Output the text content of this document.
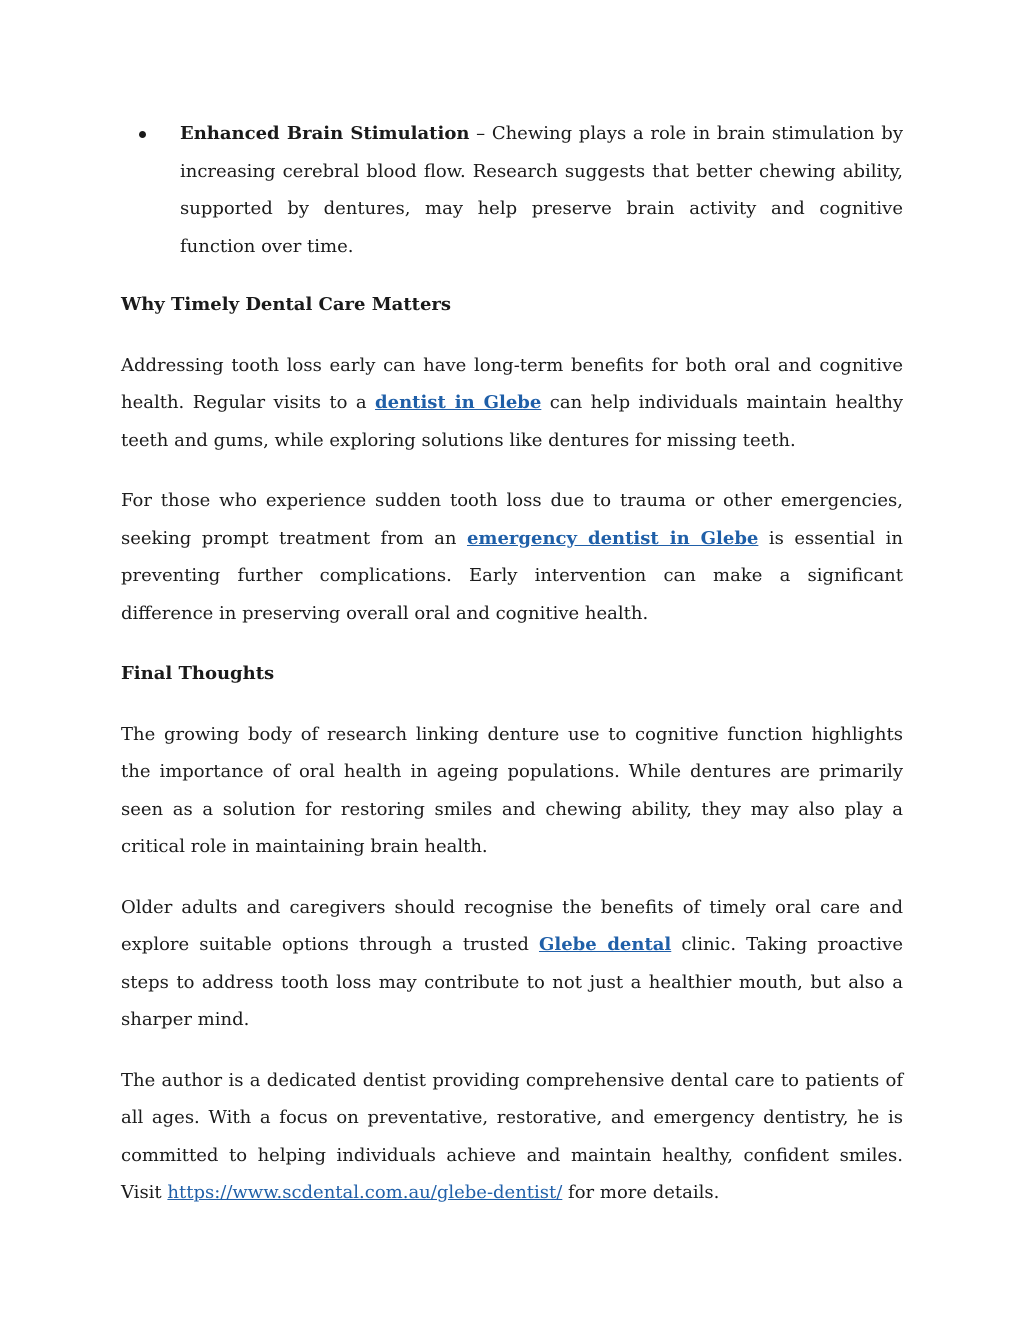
Enhanced Brain Stimulation – Chewing plays a role in brain stimulation by increasing cerebral blood flow. Research suggests that better chewing ability, supported by dentures, may help preserve brain activity and cognitive function over time.
Why Timely Dental Care Matters

Addressing tooth loss early can have long-term benefits for both oral and cognitive health. Regular visits to a dentist in Glebe can help individuals maintain healthy teeth and gums, while exploring solutions like dentures for missing teeth.

For those who experience sudden tooth loss due to trauma or other emergencies, seeking prompt treatment from an emergency dentist in Glebe is essential in preventing further complications. Early intervention can make a significant difference in preserving overall oral and cognitive health.

Final Thoughts

The growing body of research linking denture use to cognitive function highlights the importance of oral health in ageing populations. While dentures are primarily seen as a solution for restoring smiles and chewing ability, they may also play a critical role in maintaining brain health.

Older adults and caregivers should recognise the benefits of timely oral care and explore suitable options through a trusted Glebe dental clinic. Taking proactive steps to address tooth loss may contribute to not just a healthier mouth, but also a sharper mind.

The author is a dedicated dentist providing comprehensive dental care to patients of all ages. With a focus on preventative, restorative, and emergency dentistry, he is committed to helping individuals achieve and maintain healthy, confident smiles. Visit https://www.scdental.com.au/glebe-dentist/ for more details.
